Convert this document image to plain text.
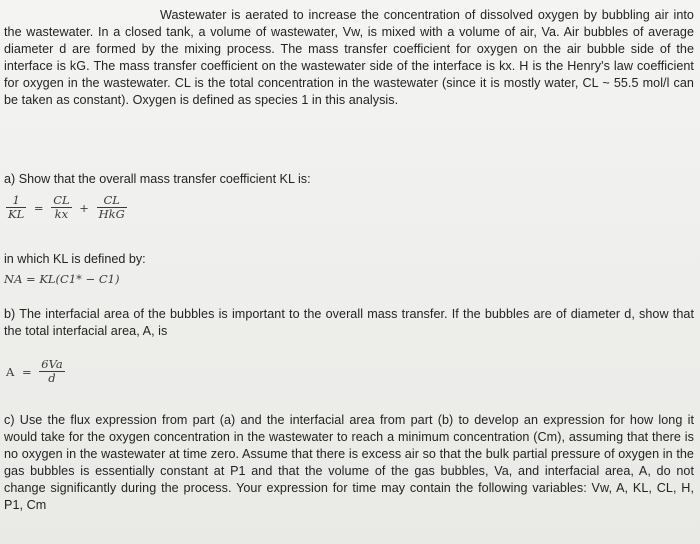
Wastewater is aerated to increase the concentration of dissolved oxygen by bubbling air into the wastewater. In a closed tank, a volume of wastewater, Vw, is mixed with a volume of air, Va. Air bubbles of average diameter d are formed by the mixing process. The mass transfer coefficient for oxygen on the air bubble side of the interface is kG. The mass transfer coefficient on the wastewater side of the interface is kx. H is the Henry's law coefficient for oxygen in the wastewater. CL is the total concentration in the wastewater (since it is mostly water, CL ~ 55.5 mol/l can be taken as constant). Oxygen is defined as species 1 in this analysis.

a) Show that the overall mass transfer coefficient KL is:

$\frac{1}{KL} = \frac{CL}{kx} + \frac{CL}{\text{HkG}}$

in which KL is defined by:

NA = KL(C1* − C1)

b) The interfacial area of the bubbles is important to the overall mass transfer. If the bubbles are of diameter d, show that the total interfacial area, A, is

$A = \frac{6Va}{d}$

c) Use the flux expression from part (a) and the interfacial area from part (b) to develop an expression for how long it would take for the oxygen concentration in the wastewater to reach a minimum concentration (Cm), assuming that there is no oxygen in the wastewater at time zero. Assume that there is excess air so that the bulk partial pressure of oxygen in the gas bubbles is essentially constant at P1 and that the volume of the gas bubbles, Va, and interfacial area, A, do not change significantly during the process. Your expression for time may contain the following variables: Vw, A, KL, CL, H, P1, Cm
